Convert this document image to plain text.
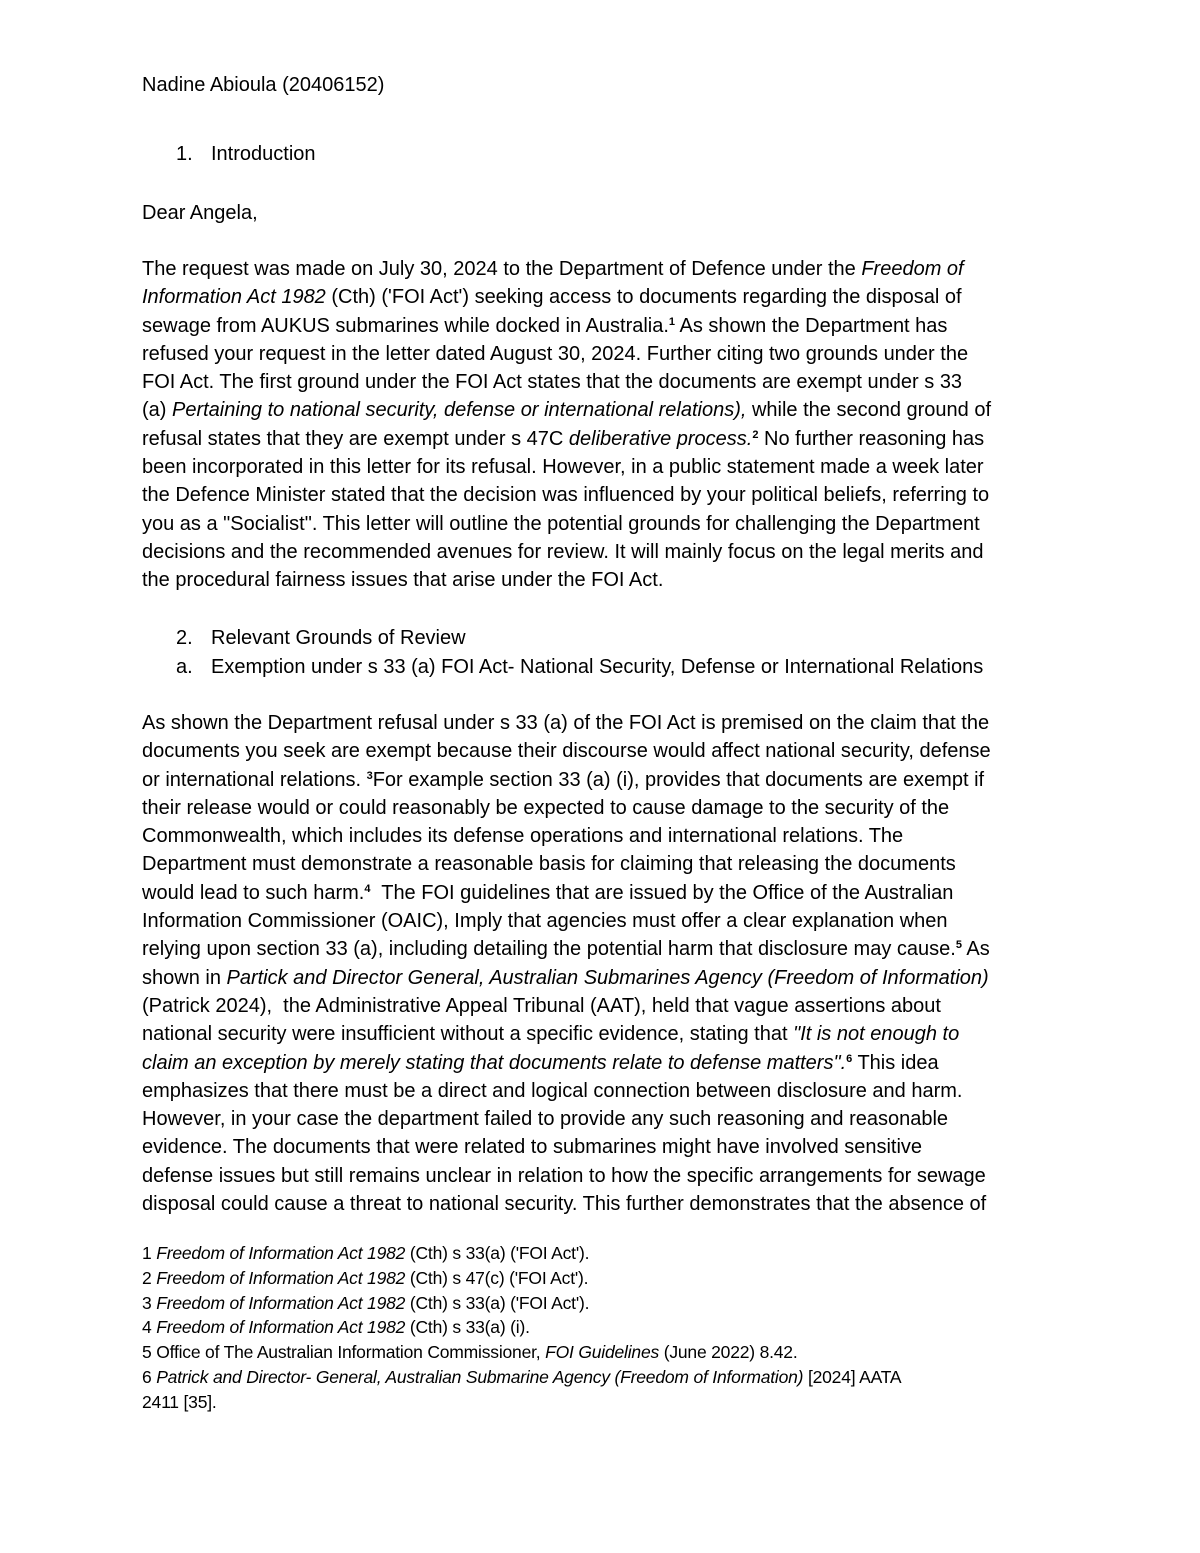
Nadine Abioula (20406152)
1. Introduction
Dear Angela,
The request was made on July 30, 2024 to the Department of Defence under the Freedom of
Information Act 1982 (Cth) ('FOI Act') seeking access to documents regarding the disposal of
sewage from AUKUS submarines while docked in Australia.$^1$ As shown the Department has
refused your request in the letter dated August 30, 2024. Further citing two grounds under the
FOI Act. The first ground under the FOI Act states that the documents are exempt under s 33
(a) Pertaining to national security, defense or international relations), while the second ground of
refusal states that they are exempt under s 47C deliberative process.$^2$ No further reasoning has
been incorporated in this letter for its refusal. However, in a public statement made a week later
the Defence Minister stated that the decision was influenced by your political beliefs, referring to
you as a "Socialist". This letter will outline the potential grounds for challenging the Department
decisions and the recommended avenues for review. It will mainly focus on the legal merits and
the procedural fairness issues that arise under the FOI Act.
2. Relevant Grounds of Review
a. Exemption under s 33 (a) FOI Act- National Security, Defense or International Relations
As shown the Department refusal under s 33 (a) of the FOI Act is premised on the claim that the
documents you seek are exempt because their discourse would affect national security, defense
or international relations. $^3$For example section 33 (a) (i), provides that documents are exempt if
their release would or could reasonably be expected to cause damage to the security of the
Commonwealth, which includes its defense operations and international relations. The
Department must demonstrate a reasonable basis for claiming that releasing the documents
would lead to such harm.$^4$  The FOI guidelines that are issued by the Office of the Australian
Information Commissioner (OAIC), Imply that agencies must offer a clear explanation when
relying upon section 33 (a), including detailing the potential harm that disclosure may cause.$^5$ As
shown in Partick and Director General, Australian Submarines Agency (Freedom of Information)
(Patrick 2024),  the Administrative Appeal Tribunal (AAT), held that vague assertions about
national security were insufficient without a specific evidence, stating that "It is not enough to
claim an exception by merely stating that documents relate to defense matters".$^6$ This idea
emphasizes that there must be a direct and logical connection between disclosure and harm.
However, in your case the department failed to provide any such reasoning and reasonable
evidence. The documents that were related to submarines might have involved sensitive
defense issues but still remains unclear in relation to how the specific arrangements for sewage
disposal could cause a threat to national security. This further demonstrates that the absence of
1 Freedom of Information Act 1982 (Cth) s 33(a) ('FOI Act').
2 Freedom of Information Act 1982 (Cth) s 47(c) ('FOI Act').
3 Freedom of Information Act 1982 (Cth) s 33(a) ('FOI Act').
4 Freedom of Information Act 1982 (Cth) s 33(a) (i).
5 Office of The Australian Information Commissioner, FOI Guidelines (June 2022) 8.42.
6 Patrick and Director- General, Australian Submarine Agency (Freedom of Information) [2024] AATA
2411 [35].
